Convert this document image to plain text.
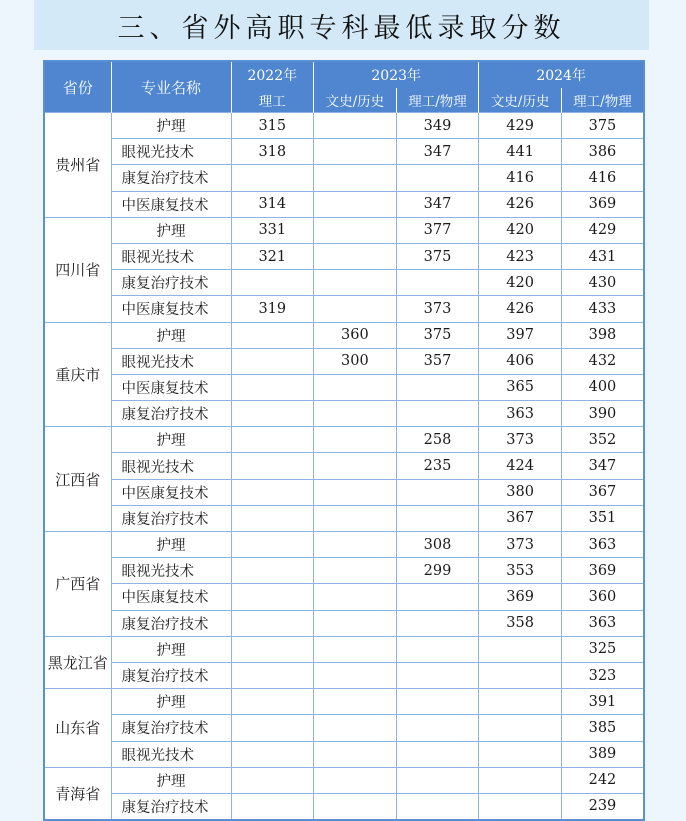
三、省外高职专科最低录取分数
省份	专业名称	2022年	2023年		2024年	
		理工	文史/历史	理工/物理	文史/历史	理工/物理
贵州省	护理	315		349	429	375
	眼视光技术	318		347	441	386
	康复治疗技术				416	416
	中医康复技术	314		347	426	369
四川省	护理	331		377	420	429
	眼视光技术	321		375	423	431
	康复治疗技术				420	430
	中医康复技术	319		373	426	433
重庆市	护理		360	375	397	398
	眼视光技术		300	357	406	432
	中医康复技术				365	400
	康复治疗技术				363	390
江西省	护理			258	373	352
	眼视光技术			235	424	347
	中医康复技术				380	367
	康复治疗技术				367	351
广西省	护理			308	373	363
	眼视光技术			299	353	369
	中医康复技术				369	360
	康复治疗技术				358	363
黑龙江省	护理					325
	康复治疗技术					323
山东省	护理					391
	康复治疗技术					385
	眼视光技术					389
青海省	护理					242
	康复治疗技术					239
